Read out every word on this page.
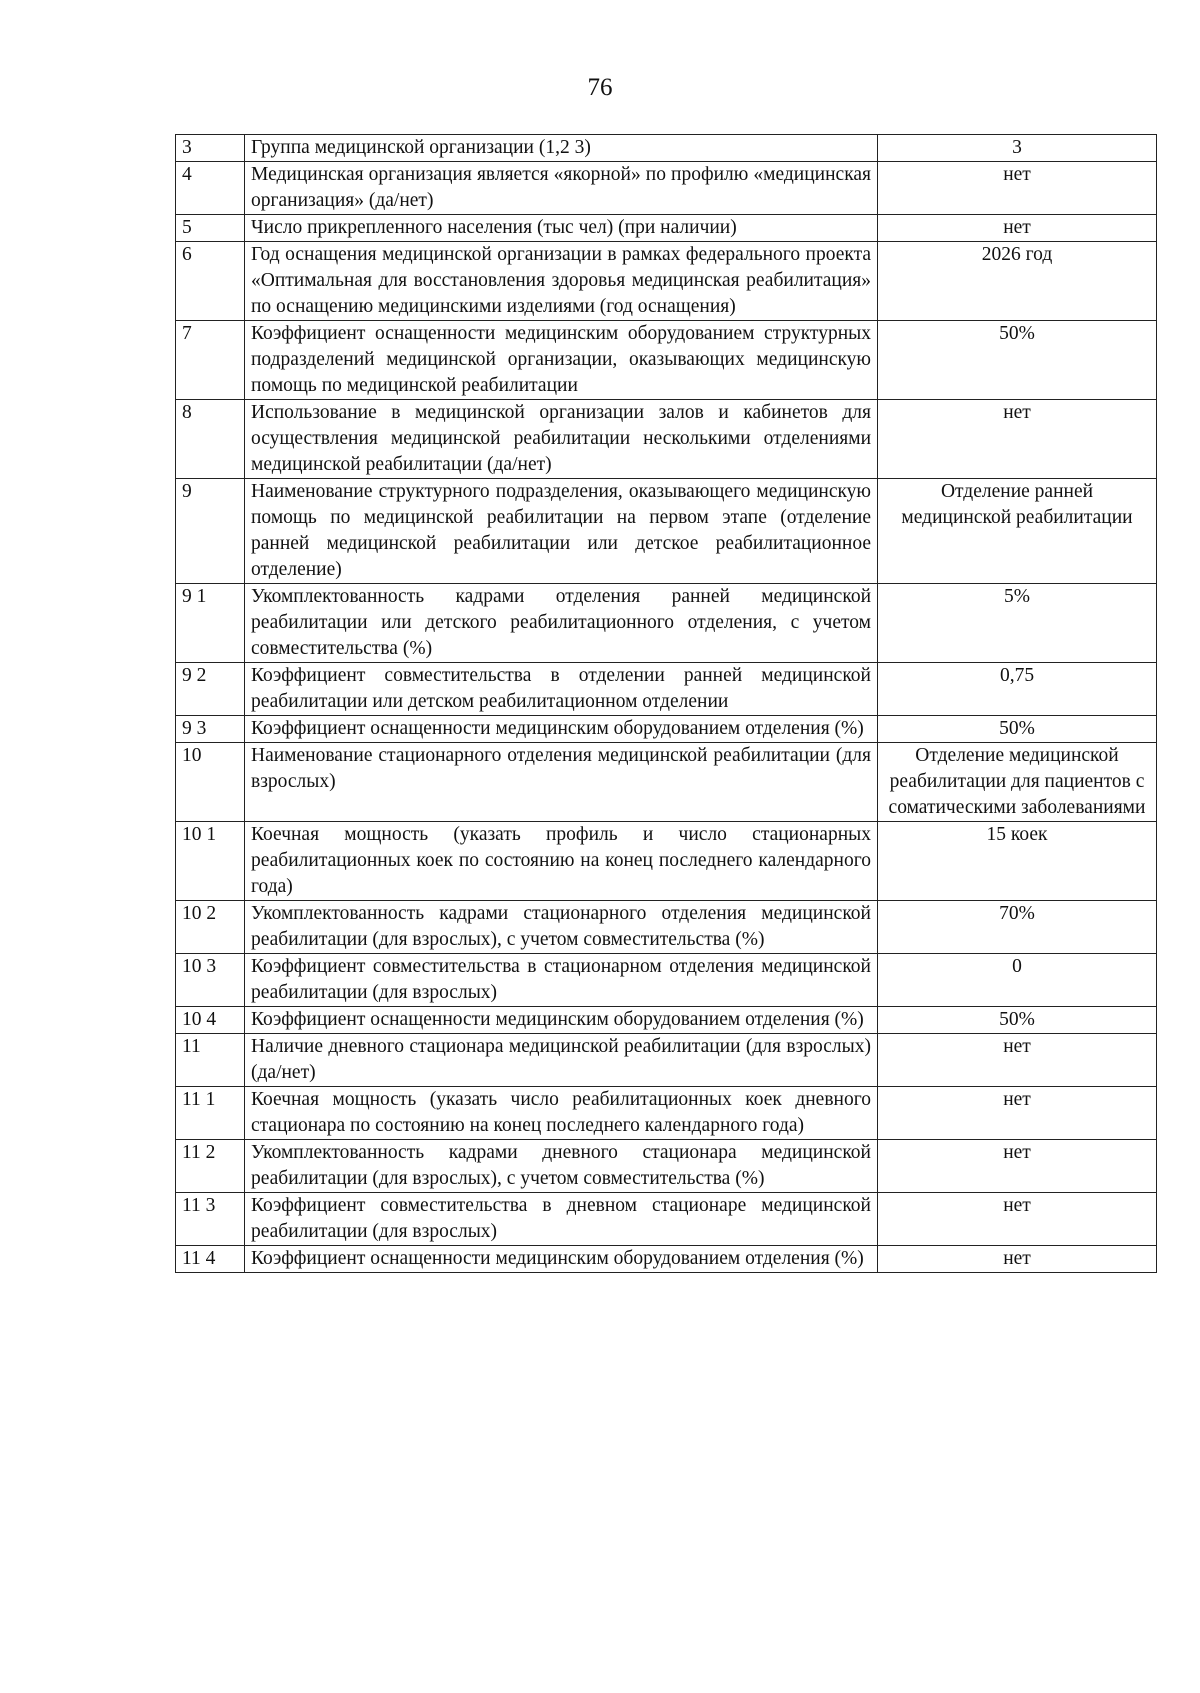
76
3	Группа медицинской организации (1,2 3)	3
4	Медицинская организация является «якорной» по профилю «медицинская организация» (да/нет)	нет
5	Число прикрепленного населения (тыс чел) (при наличии)	нет
6	Год оснащения медицинской организации в рамках федерального проекта «Оптимальная для восстановления здоровья медицинская реабилитация» по оснащению медицинскими изделиями (год оснащения)	2026 год
7	Коэффициент оснащенности медицинским оборудованием структурных подразделений медицинской организации, оказывающих медицинскую помощь по медицинской реабилитации	50%
8	Использование в медицинской организации залов и кабинетов для осуществления медицинской реабилитации несколькими отделениями медицинской реабилитации (да/нет)	нет
9	Наименование структурного подразделения, оказывающего медицинскую помощь по медицинской реабилитации на первом этапе (отделение ранней медицинской реабилитации или детское реабилитационное отделение)	Отделение ранней медицинской реабилитации
9 1	Укомплектованность кадрами отделения ранней медицинской реабилитации или детского реабилитационного отделения, с учетом совместительства (%)	5%
9 2	Коэффициент совместительства в отделении ранней медицинской реабилитации или детском реабилитационном отделении	0,75
9 3	Коэффициент оснащенности медицинским оборудованием отделения (%)	50%
10	Наименование стационарного отделения медицинской реабилитации (для взрослых)	Отделение медицинской реабилитации для пациентов с соматическими заболеваниями
10 1	Коечная мощность (указать профиль и число стационарных реабилитационных коек по состоянию на конец последнего календарного года)	15 коек
10 2	Укомплектованность кадрами стационарного отделения медицинской реабилитации (для взрослых), с учетом совместительства (%)	70%
10 3	Коэффициент совместительства в стационарном отделения медицинской реабилитации (для взрослых)	0
10 4	Коэффициент оснащенности медицинским оборудованием отделения (%)	50%
11	Наличие дневного стационара медицинской реабилитации (для взрослых) (да/нет)	нет
11 1	Коечная мощность (указать число реабилитационных коек дневного стационара по состоянию на конец последнего календарного года)	нет
11 2	Укомплектованность кадрами дневного стационара медицинской реабилитации (для взрослых), с учетом совместительства (%)	нет
11 3	Коэффициент совместительства в дневном стационаре медицинской реабилитации (для взрослых)	нет
11 4	Коэффициент оснащенности медицинским оборудованием отделения (%)	нет
